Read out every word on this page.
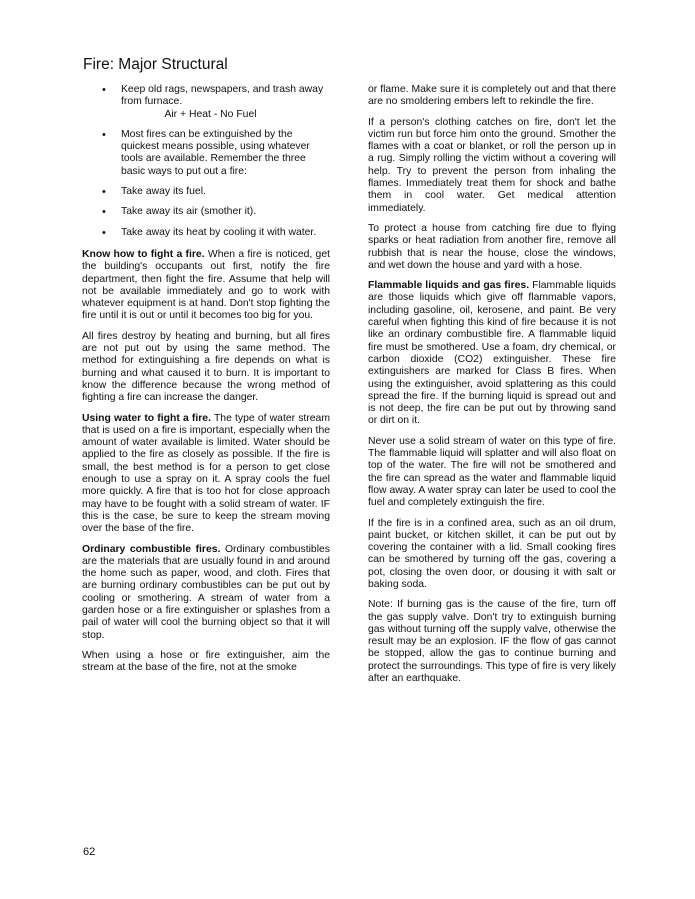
Fire: Major Structural
• Keep old rags, newspapers, and trash away from furnace.
Air + Heat - No Fuel
• Most fires can be extinguished by the quickest means possible, using whatever tools are available. Remember the three basic ways to put out a fire:
• Take away its fuel.
• Take away its air (smother it).
• Take away its heat by cooling it with water.

Know how to fight a fire. When a fire is noticed, get the building's occupants out first, notify the fire department, then fight the fire. Assume that help will not be available immediately and go to work with whatever equipment is at hand. Don't stop fighting the fire until it is out or until it becomes too big for you.

All fires destroy by heating and burning, but all fires are not put out by using the same method. The method for extinguishing a fire depends on what is burning and what caused it to burn. It is important to know the difference because the wrong method of fighting a fire can increase the danger.

Using water to fight a fire. The type of water stream that is used on a fire is important, especially when the amount of water available is limited. Water should be applied to the fire as closely as possible. If the fire is small, the best method is for a person to get close enough to use a spray on it. A spray cools the fuel more quickly. A fire that is too hot for close approach may have to be fought with a solid stream of water. IF this is the case, be sure to keep the stream moving over the base of the fire.

Ordinary combustible fires. Ordinary combustibles are the materials that are usually found in and around the home such as paper, wood, and cloth. Fires that are burning ordinary combustibles can be put out by cooling or smothering. A stream of water from a garden hose or a fire extinguisher or splashes from a pail of water will cool the burning object so that it will stop.

When using a hose or fire extinguisher, aim the stream at the base of the fire, not at the smoke

or flame. Make sure it is completely out and that there are no smoldering embers left to rekindle the fire.

If a person's clothing catches on fire, don't let the victim run but force him onto the ground. Smother the flames with a coat or blanket, or roll the person up in a rug. Simply rolling the victim without a covering will help. Try to prevent the person from inhaling the flames. Immediately treat them for shock and bathe them in cool water. Get medical attention immediately.

To protect a house from catching fire due to flying sparks or heat radiation from another fire, remove all rubbish that is near the house, close the windows, and wet down the house and yard with a hose.

Flammable liquids and gas fires. Flammable liquids are those liquids which give off flammable vapors, including gasoline, oil, kerosene, and paint. Be very careful when fighting this kind of fire because it is not like an ordinary combustible fire. A flammable liquid fire must be smothered. Use a foam, dry chemical, or carbon dioxide (CO2) extinguisher. These fire extinguishers are marked for Class B fires. When using the extinguisher, avoid splattering as this could spread the fire. If the burning liquid is spread out and is not deep, the fire can be put out by throwing sand or dirt on it.

Never use a solid stream of water on this type of fire. The flammable liquid will splatter and will also float on top of the water. The fire will not be smothered and the fire can spread as the water and flammable liquid flow away. A water spray can later be used to cool the fuel and completely extinguish the fire.

If the fire is in a confined area, such as an oil drum, paint bucket, or kitchen skillet, it can be put out by covering the container with a lid. Small cooking fires can be smothered by turning off the gas, covering a pot, closing the oven door, or dousing it with salt or baking soda.

Note: If burning gas is the cause of the fire, turn off the gas supply valve. Don't try to extinguish burning gas without turning off the supply valve, otherwise the result may be an explosion. IF the flow of gas cannot be stopped, allow the gas to continue burning and protect the surroundings. This type of fire is very likely after an earthquake.

62
